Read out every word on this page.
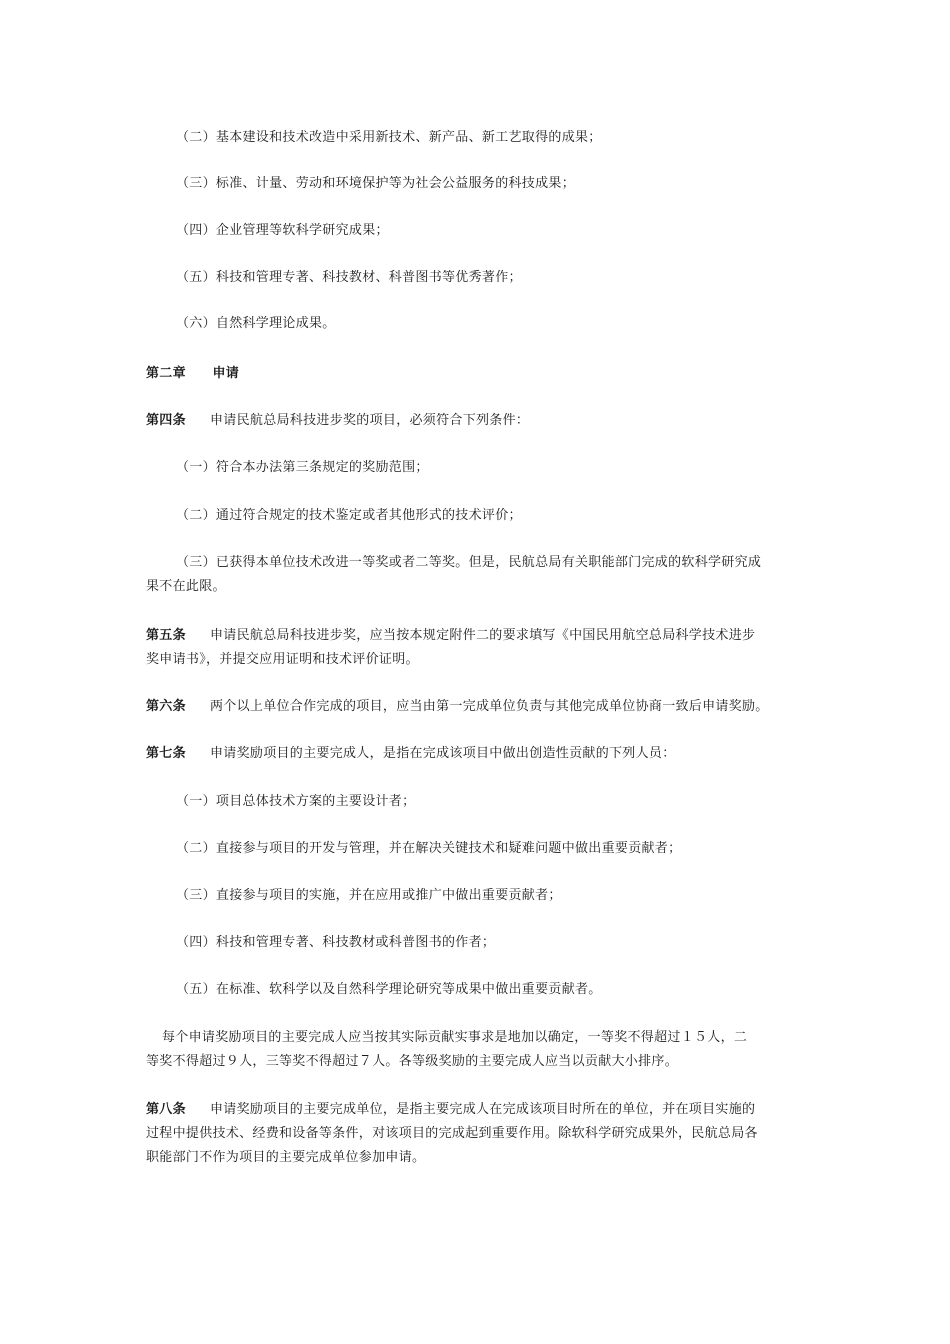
（二）基本建设和技术改造中采用新技术、新产品、新工艺取得的成果；
（三）标准、计量、劳动和环境保护等为社会公益服务的科技成果；
（四）企业管理等软科学研究成果；
（五）科技和管理专著、科技教材、科普图书等优秀著作；
（六）自然科学理论成果。
第二章　　申请
第四条 申请民航总局科技进步奖的项目，必须符合下列条件：
（一）符合本办法第三条规定的奖励范围；
（二）通过符合规定的技术鉴定或者其他形式的技术评价；
（三）已获得本单位技术改进一等奖或者二等奖。但是，民航总局有关职能部门完成的软科学研究成
果不在此限。
第五条 申请民航总局科技进步奖，应当按本规定附件二的要求填写《中国民用航空总局科学技术进步
奖申请书》，并提交应用证明和技术评价证明。
第六条 两个以上单位合作完成的项目，应当由第一完成单位负责与其他完成单位协商一致后申请奖励。
第七条 申请奖励项目的主要完成人，是指在完成该项目中做出创造性贡献的下列人员：
（一）项目总体技术方案的主要设计者；
（二）直接参与项目的开发与管理，并在解决关键技术和疑难问题中做出重要贡献者；
（三）直接参与项目的实施，并在应用或推广中做出重要贡献者；
（四）科技和管理专著、科技教材或科普图书的作者；
（五）在标准、软科学以及自然科学理论研究等成果中做出重要贡献者。
每个申请奖励项目的主要完成人应当按其实际贡献实事求是地加以确定，一等奖不得超过１５人，二
等奖不得超过９人，三等奖不得超过７人。各等级奖励的主要完成人应当以贡献大小排序。
第八条 申请奖励项目的主要完成单位，是指主要完成人在完成该项目时所在的单位，并在项目实施的
过程中提供技术、经费和设备等条件，对该项目的完成起到重要作用。除软科学研究成果外，民航总局各
职能部门不作为项目的主要完成单位参加申请。
